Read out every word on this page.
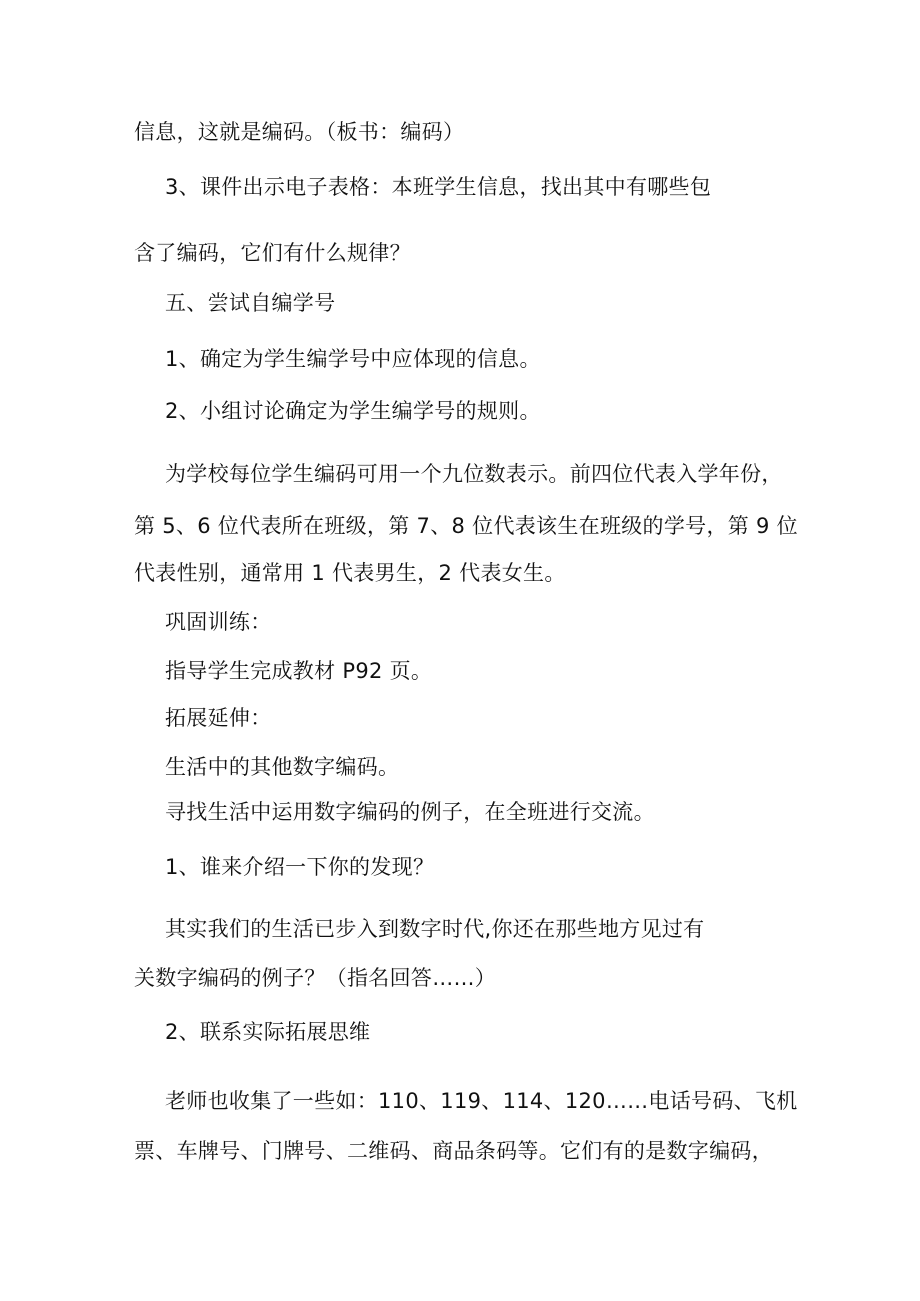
信息，这就是编码。（板书：编码）
3、课件出示电子表格：本班学生信息，找出其中有哪些包
含了编码，它们有什么规律？
五、尝试自编学号
1、确定为学生编学号中应体现的信息。
2、小组讨论确定为学生编学号的规则。
为学校每位学生编码可用一个九位数表示。前四位代表入学年份，
第 5、6 位代表所在班级，第 7、8 位代表该生在班级的学号，第 9 位
代表性别，通常用 1 代表男生，2 代表女生。
巩固训练：
指导学生完成教材 P92 页。
拓展延伸：
生活中的其他数字编码。
寻找生活中运用数字编码的例子，在全班进行交流。
1、谁来介绍一下你的发现？
其实我们的生活已步入到数字时代,你还在那些地方见过有
关数字编码的例子？（指名回答……）
2、联系实际拓展思维
老师也收集了一些如：110、119、114、120……电话号码、飞机
票、车牌号、门牌号、二维码、商品条码等。它们有的是数字编码，
